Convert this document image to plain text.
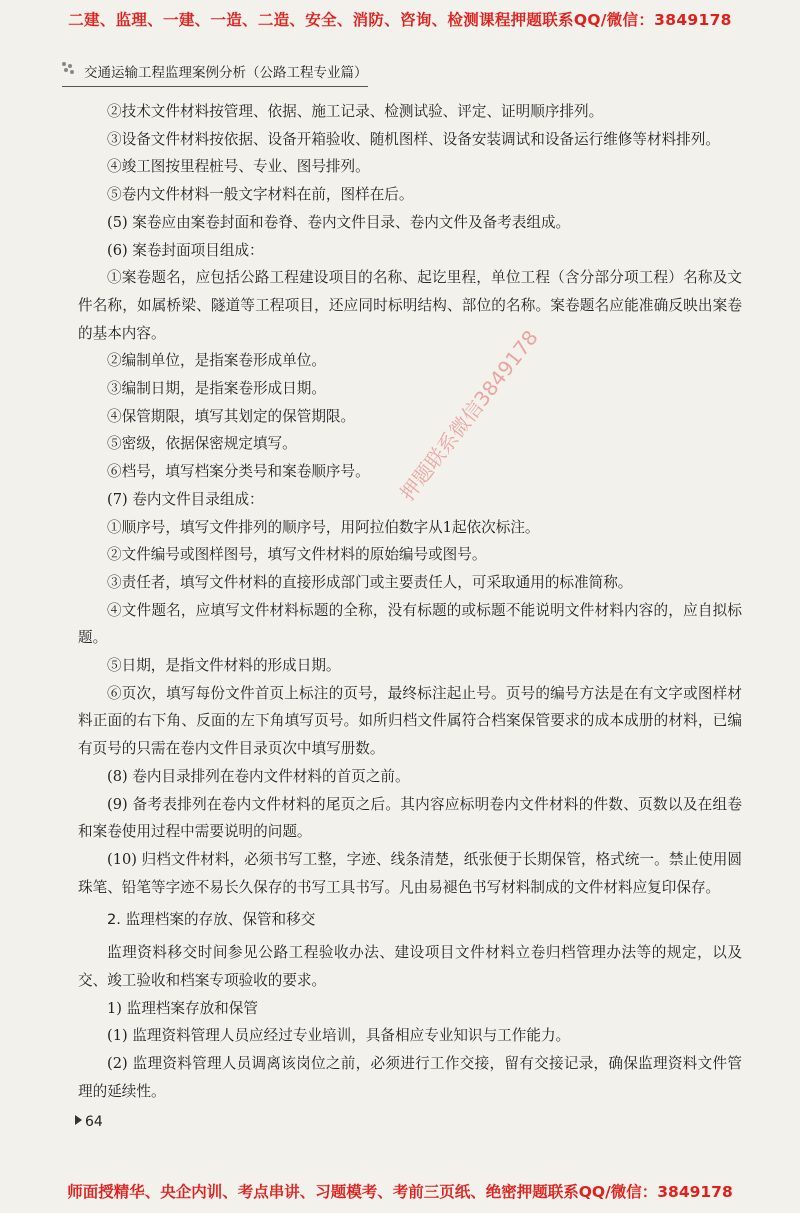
二建、监理、一建、一造、二造、安全、消防、咨询、检测课程押题联系QQ/微信：3849178
交通运输工程监理案例分析（公路工程专业篇）

②技术文件材料按管理、依据、施工记录、检测试验、评定、证明顺序排列。

③设备文件材料按依据、设备开箱验收、随机图样、设备安装调试和设备运行维修等材料排列。

④竣工图按里程桩号、专业、图号排列。

⑤卷内文件材料一般文字材料在前，图样在后。

(5) 案卷应由案卷封面和卷脊、卷内文件目录、卷内文件及备考表组成。

(6) 案卷封面项目组成：

①案卷题名，应包括公路工程建设项目的名称、起讫里程，单位工程（含分部分项工程）名称及文件名称，如属桥梁、隧道等工程项目，还应同时标明结构、部位的名称。案卷题名应能准确反映出案卷的基本内容。

②编制单位，是指案卷形成单位。

③编制日期，是指案卷形成日期。

④保管期限，填写其划定的保管期限。

⑤密级，依据保密规定填写。

⑥档号，填写档案分类号和案卷顺序号。

(7) 卷内文件目录组成：

①顺序号，填写文件排列的顺序号，用阿拉伯数字从1起依次标注。

②文件编号或图样图号，填写文件材料的原始编号或图号。

③责任者，填写文件材料的直接形成部门或主要责任人，可采取通用的标准简称。

④文件题名，应填写文件材料标题的全称，没有标题的或标题不能说明文件材料内容的，应自拟标题。

⑤日期，是指文件材料的形成日期。

⑥页次，填写每份文件首页上标注的页号，最终标注起止号。页号的编号方法是在有文字或图样材料正面的右下角、反面的左下角填写页号。如所归档文件属符合档案保管要求的成本成册的材料，已编有页号的只需在卷内文件目录页次中填写册数。

(8) 卷内目录排列在卷内文件材料的首页之前。

(9) 备考表排列在卷内文件材料的尾页之后。其内容应标明卷内文件材料的件数、页数以及在组卷和案卷使用过程中需要说明的问题。

(10) 归档文件材料，必须书写工整，字迹、线条清楚，纸张便于长期保管，格式统一。禁止使用圆珠笔、铅笔等字迹不易长久保存的书写工具书写。凡由易褪色书写材料制成的文件材料应复印保存。

2. 监理档案的存放、保管和移交

监理资料移交时间参见公路工程验收办法、建设项目文件材料立卷归档管理办法等的规定，以及交、竣工验收和档案专项验收的要求。

1) 监理档案存放和保管

(1) 监理资料管理人员应经过专业培训，具备相应专业知识与工作能力。

(2) 监理资料管理人员调离该岗位之前，必须进行工作交接，留有交接记录，确保监理资料文件管理的延续性。

押题联系微信3849178
64
师面授精华、央企内训、考点串讲、习题模考、考前三页纸、绝密押题联系QQ/微信：3849178
